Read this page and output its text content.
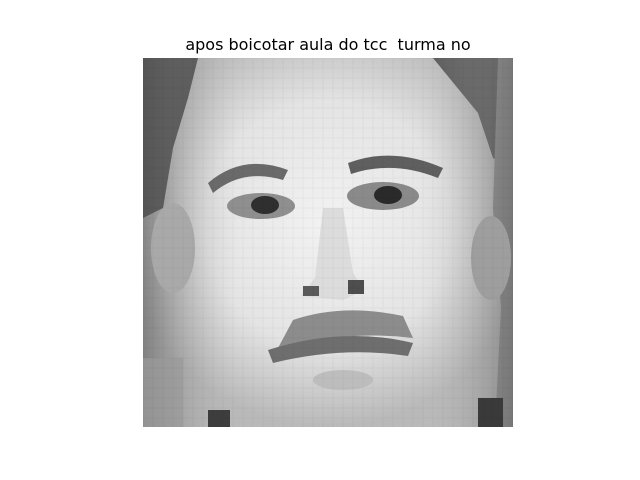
apos boicotar aula do tcc  turma no
